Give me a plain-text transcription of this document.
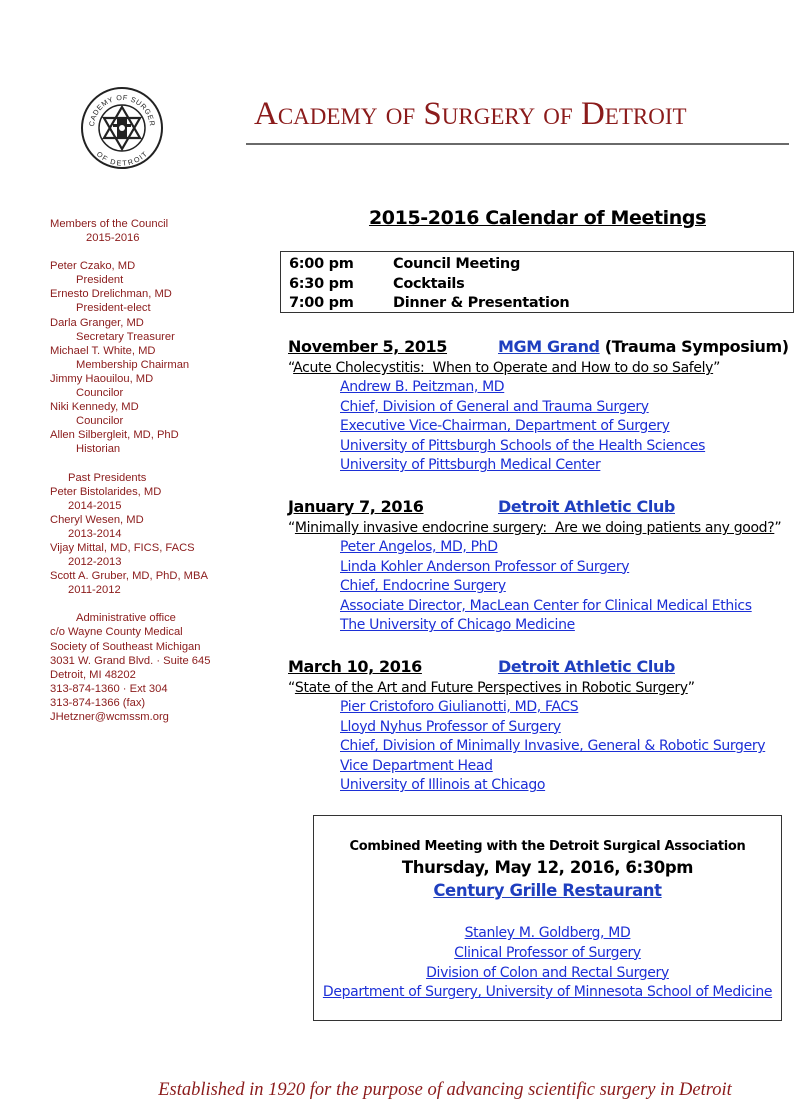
CADEMY OF SURGER
OF DETROIT
Academy of Surgery of Detroit
Members of the Council
2015-2016
Peter Czako, MD
President
Ernesto Drelichman, MD
President-elect
Darla Granger, MD
Secretary Treasurer
Michael T. White, MD
Membership Chairman
Jimmy Haouilou, MD
Councilor
Niki Kennedy, MD
Councilor
Allen Silbergleit, MD, PhD
Historian
Past Presidents
Peter Bistolarides, MD
2014-2015
Cheryl Wesen, MD
2013-2014
Vijay Mittal, MD, FICS, FACS
2012-2013
Scott A. Gruber, MD, PhD, MBA
2011-2012
Administrative office
c/o Wayne County Medical
Society of Southeast Michigan
3031 W. Grand Blvd. · Suite 645
Detroit, MI 48202
313-874-1360 · Ext 304
313-874-1366 (fax)
JHetzner@wcmssm.org
2015-2016 Calendar of Meetings
6:00 pm	Council Meeting
6:30 pm	Cocktails
7:00 pm	Dinner & Presentation
November 5, 2015	MGM Grand (Trauma Symposium)
“Acute Cholecystitis:  When to Operate and How to do so Safely”
Andrew B. Peitzman, MD
Chief, Division of General and Trauma Surgery
Executive Vice-Chairman, Department of Surgery
University of Pittsburgh Schools of the Health Sciences
University of Pittsburgh Medical Center
January 7, 2016	Detroit Athletic Club
“Minimally invasive endocrine surgery:  Are we doing patients any good?”
Peter Angelos, MD, PhD
Linda Kohler Anderson Professor of Surgery
Chief, Endocrine Surgery
Associate Director, MacLean Center for Clinical Medical Ethics
The University of Chicago Medicine
March 10, 2016	Detroit Athletic Club
“State of the Art and Future Perspectives in Robotic Surgery”
Pier Cristoforo Giulianotti, MD, FACS
Lloyd Nyhus Professor of Surgery
Chief, Division of Minimally Invasive, General & Robotic Surgery
Vice Department Head
University of Illinois at Chicago
Combined Meeting with the Detroit Surgical Association
Thursday, May 12, 2016, 6:30pm
Century Grille Restaurant
Stanley M. Goldberg, MD
Clinical Professor of Surgery
Division of Colon and Rectal Surgery
Department of Surgery, University of Minnesota School of Medicine
Established in 1920 for the purpose of advancing scientific surgery in Detroit
